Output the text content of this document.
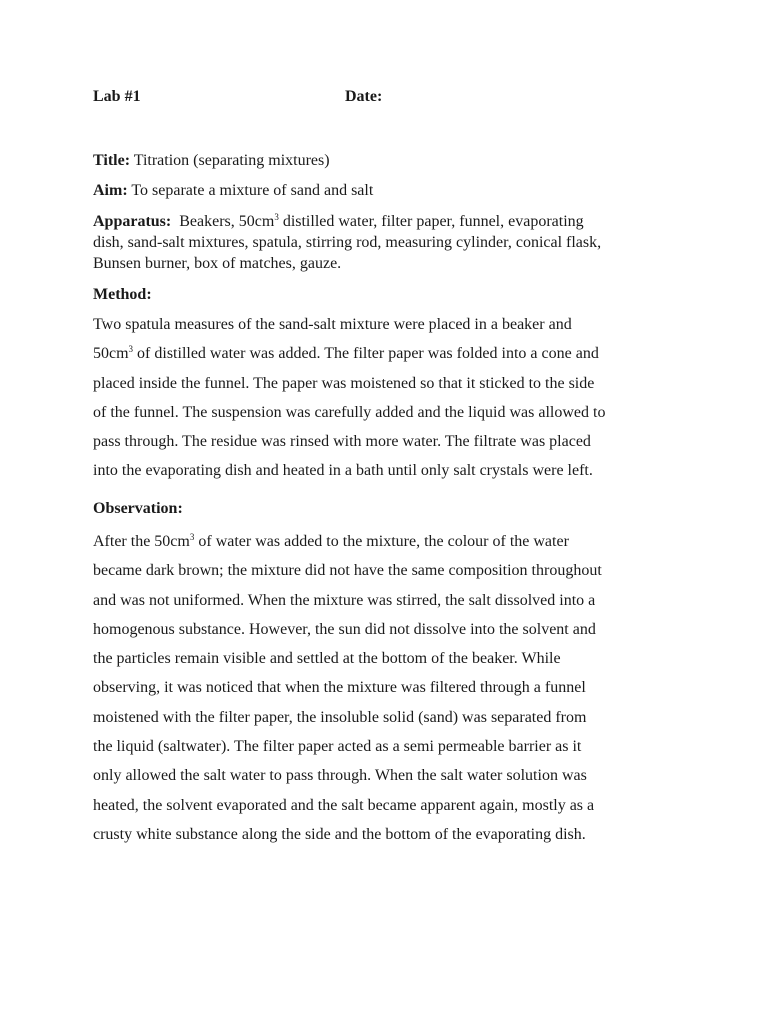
Lab #1	Date:
Title: Titration (separating mixtures)
Aim: To separate a mixture of sand and salt
Apparatus: Beakers, $50cm^3$ distilled water, filter paper, funnel, evaporating
dish, sand-salt mixtures, spatula, stirring rod, measuring cylinder, conical flask,
Bunsen burner, box of matches, gauze.
Method:
Two spatula measures of the sand-salt mixture were placed in a beaker and
$50cm^3$ of distilled water was added. The filter paper was folded into a cone and
placed inside the funnel. The paper was moistened so that it sticked to the side
of the funnel. The suspension was carefully added and the liquid was allowed to
pass through. The residue was rinsed with more water. The filtrate was placed
into the evaporating dish and heated in a bath until only salt crystals were left.
Observation:
After the $50cm^3$ of water was added to the mixture, the colour of the water
became dark brown; the mixture did not have the same composition throughout
and was not uniformed. When the mixture was stirred, the salt dissolved into a
homogenous substance. However, the sun did not dissolve into the solvent and
the particles remain visible and settled at the bottom of the beaker. While
observing, it was noticed that when the mixture was filtered through a funnel
moistened with the filter paper, the insoluble solid (sand) was separated from
the liquid (saltwater). The filter paper acted as a semi permeable barrier as it
only allowed the salt water to pass through. When the salt water solution was
heated, the solvent evaporated and the salt became apparent again, mostly as a
crusty white substance along the side and the bottom of the evaporating dish.
